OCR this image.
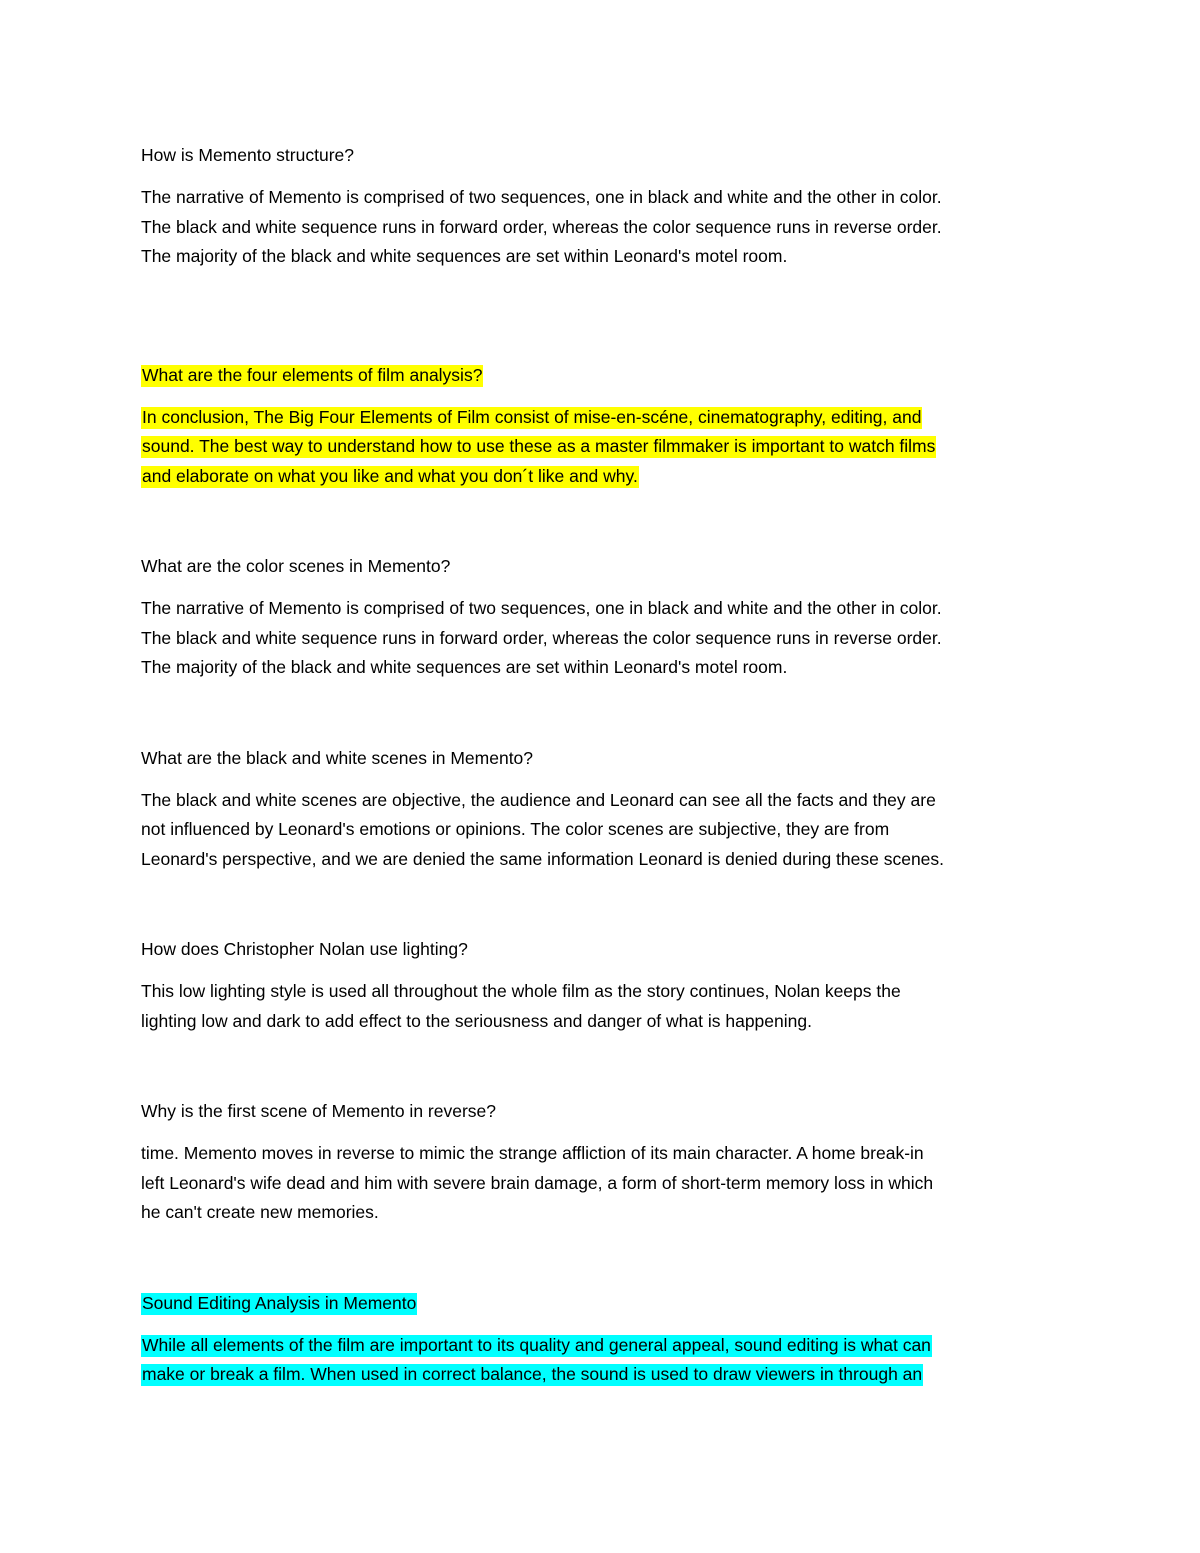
How is Memento structure?

The narrative of Memento is comprised of two sequences, one in black and white and the other in color.
The black and white sequence runs in forward order, whereas the color sequence runs in reverse order.
The majority of the black and white sequences are set within Leonard's motel room.

What are the four elements of film analysis?

In conclusion, The Big Four Elements of Film consist of mise-en-scéne, cinematography, editing, and
sound. The best way to understand how to use these as a master filmmaker is important to watch films
and elaborate on what you like and what you don´t like and why.

What are the color scenes in Memento?

The narrative of Memento is comprised of two sequences, one in black and white and the other in color.
The black and white sequence runs in forward order, whereas the color sequence runs in reverse order.
The majority of the black and white sequences are set within Leonard's motel room.

What are the black and white scenes in Memento?

The black and white scenes are objective, the audience and Leonard can see all the facts and they are
not influenced by Leonard's emotions or opinions. The color scenes are subjective, they are from
Leonard's perspective, and we are denied the same information Leonard is denied during these scenes.

How does Christopher Nolan use lighting?

This low lighting style is used all throughout the whole film as the story continues, Nolan keeps the
lighting low and dark to add effect to the seriousness and danger of what is happening.

Why is the first scene of Memento in reverse?

time. Memento moves in reverse to mimic the strange affliction of its main character. A home break-in
left Leonard's wife dead and him with severe brain damage, a form of short-term memory loss in which
he can't create new memories.

Sound Editing Analysis in Memento

While all elements of the film are important to its quality and general appeal, sound editing is what can
make or break a film. When used in correct balance, the sound is used to draw viewers in through an
